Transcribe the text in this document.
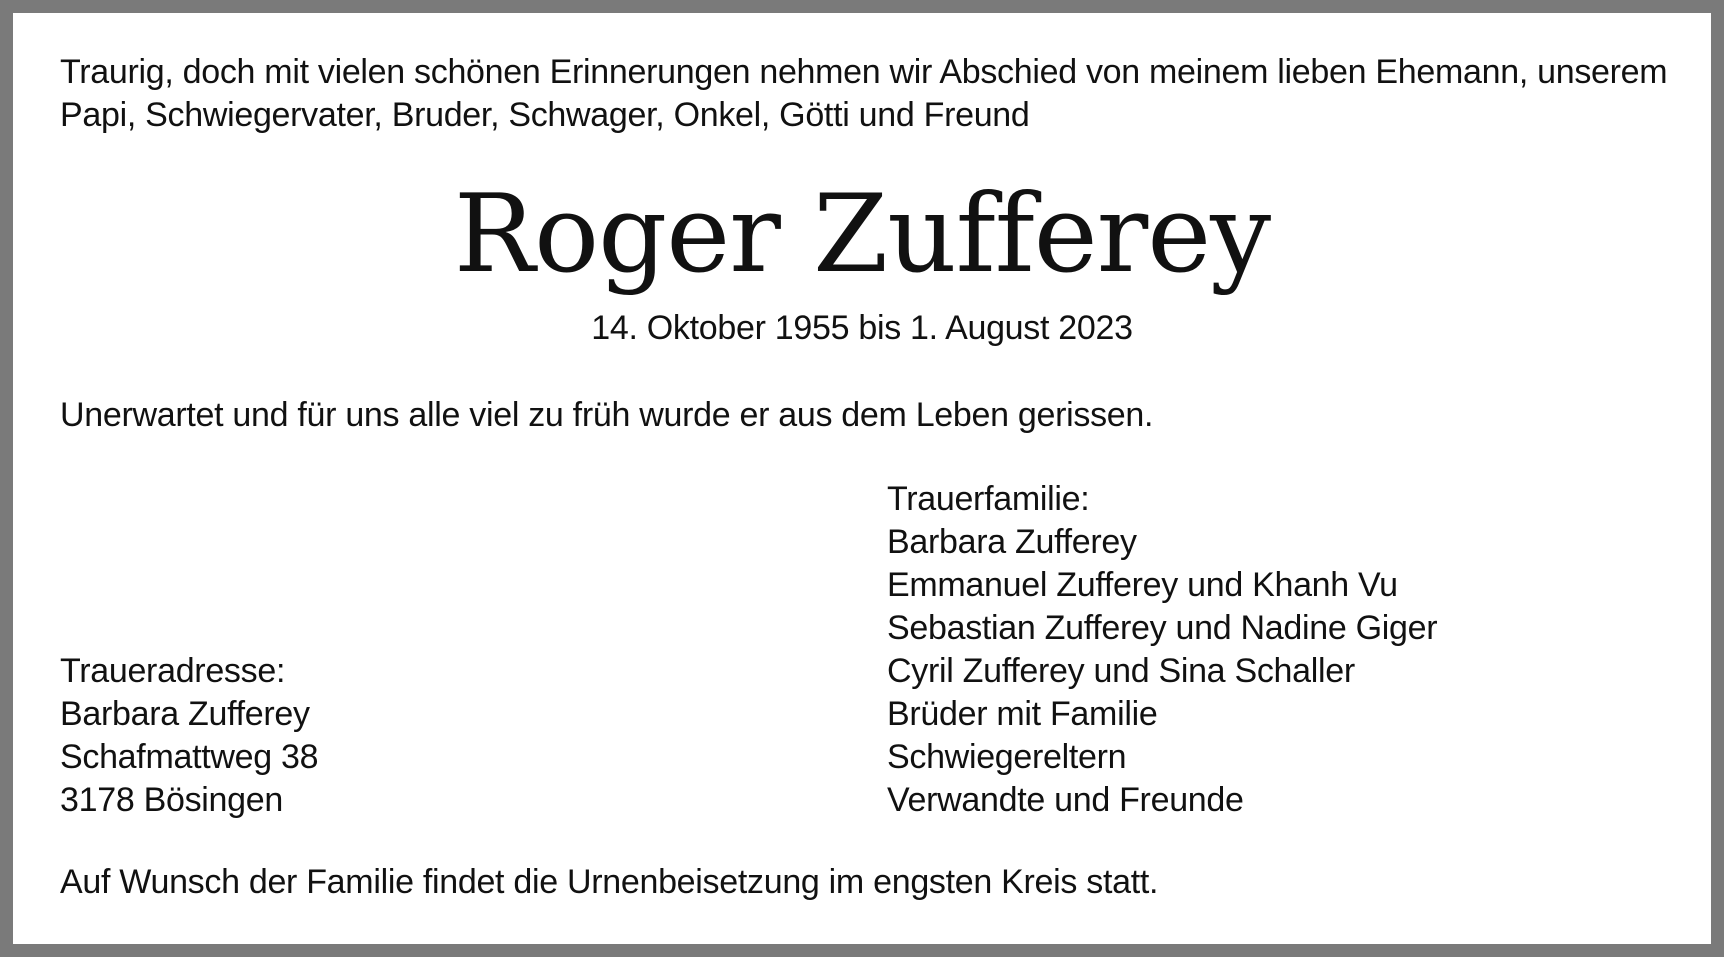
Traurig, doch mit vielen schönen Erinnerungen nehmen wir Abschied von meinem lieben Ehemann, unserem Papi, Schwiegervater, Bruder, Schwager, Onkel, Götti und Freund
Roger Zufferey
14. Oktober 1955 bis 1. August 2023
Unerwartet und für uns alle viel zu früh wurde er aus dem Leben gerissen.
Trauerfamilie:
Barbara Zufferey
Emmanuel Zufferey und Khanh Vu
Sebastian Zufferey und Nadine Giger
Cyril Zufferey und Sina Schaller
Brüder mit Familie
Schwiegereltern
Verwandte und Freunde
Traueradresse:
Barbara Zufferey
Schafmattweg 38
3178 Bösingen
Auf Wunsch der Familie findet die Urnenbeisetzung im engsten Kreis statt.
